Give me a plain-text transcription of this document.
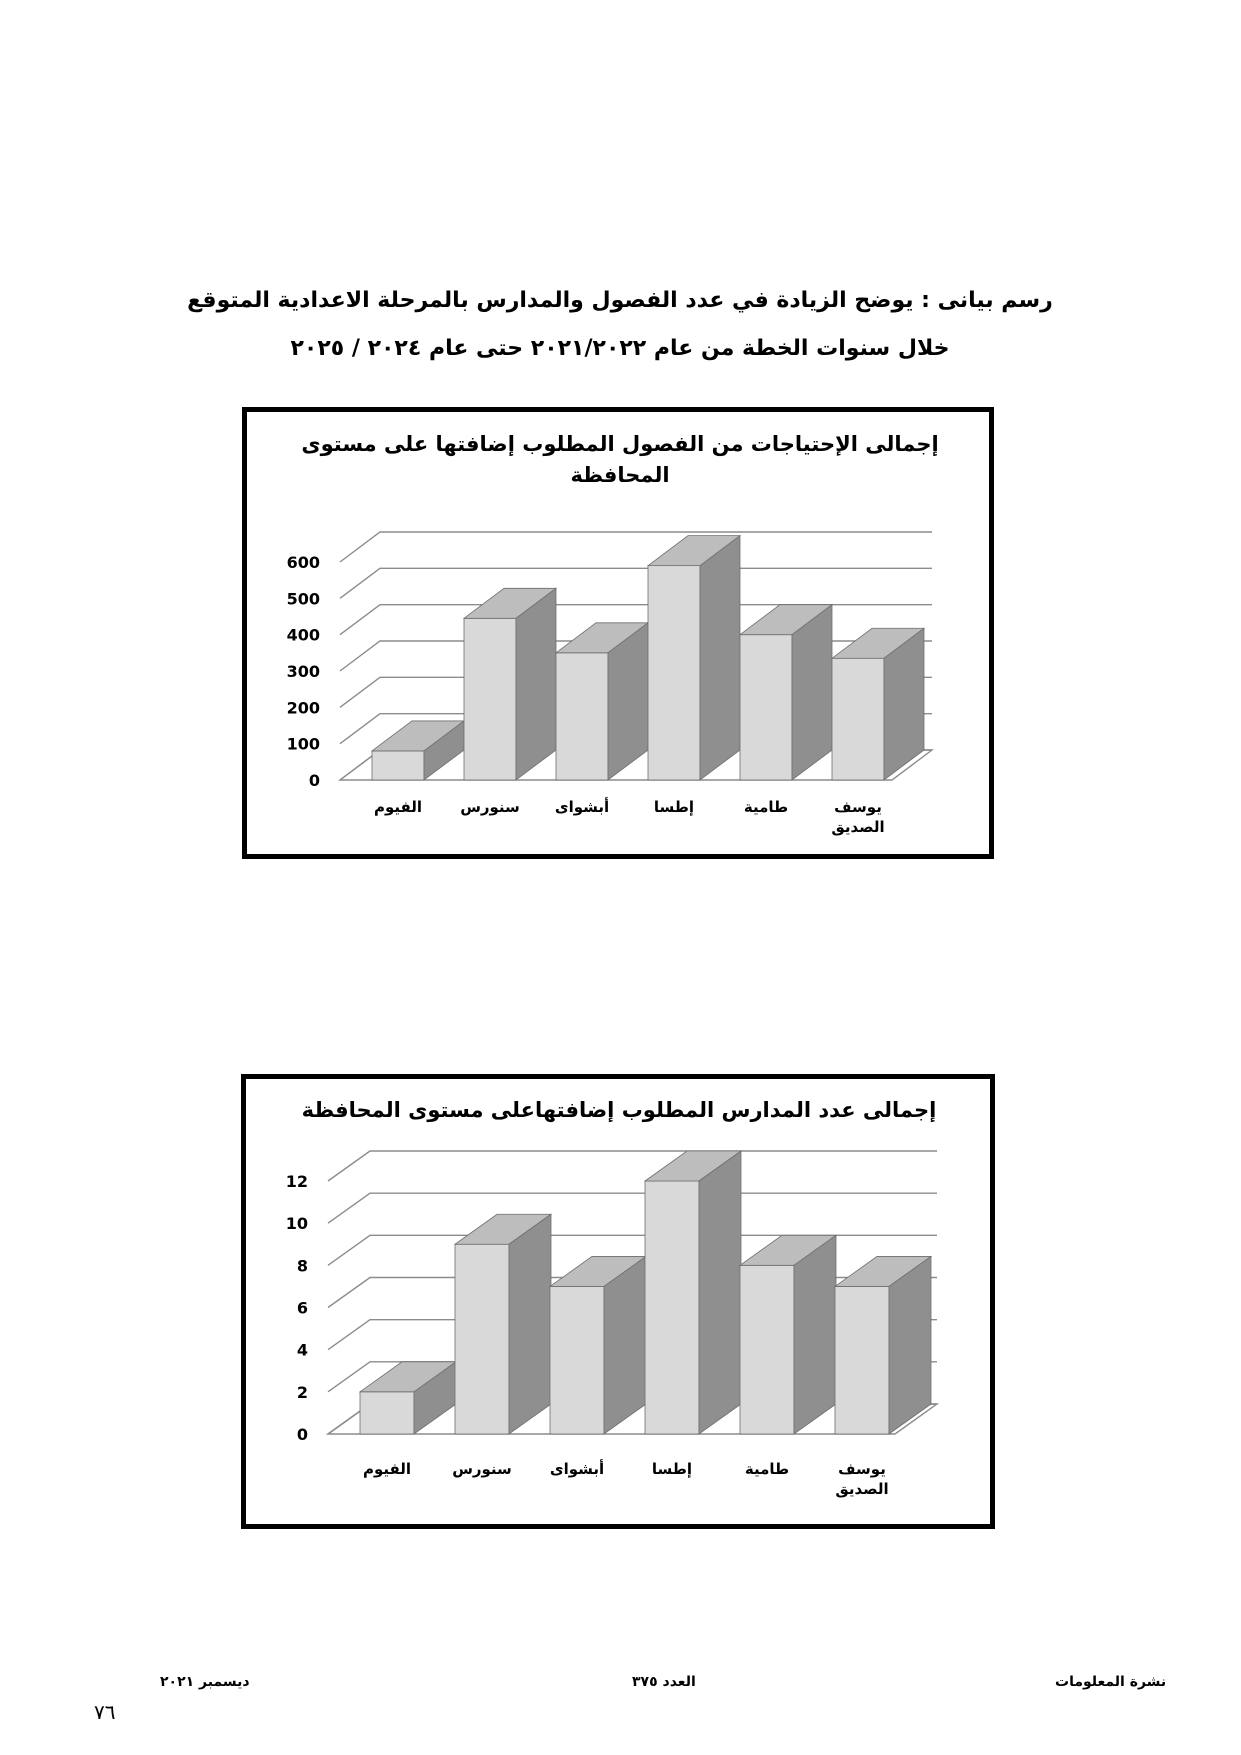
رسم بيانى : يوضح الزيادة في عدد الفصول والمدارس بالمرحلة الاعدادية المتوقع
خلال سنوات الخطة من عام ٢٠٢١/٢٠٢٢ حتى عام ٢٠٢٤ / ٢٠٢٥
إجمالى الإحتياجات من الفصول المطلوب إضافتها على مستوى
المحافظة
0
100
200
300
400
500
600
الفيوم	سنورس أبشواى	إطسا	طامية	يوسف
الصديق
إجمالى عدد المدارس المطلوب إضافتهاعلى مستوى المحافظة
0
2
4
6
8
10
12
الفيوم	سنورس	أبشواى	إطسا	طامية	يوسف
الصديق
ديسمبر ٢٠٢١	العدد ٣٧٥	نشرة المعلومات
٧٦
